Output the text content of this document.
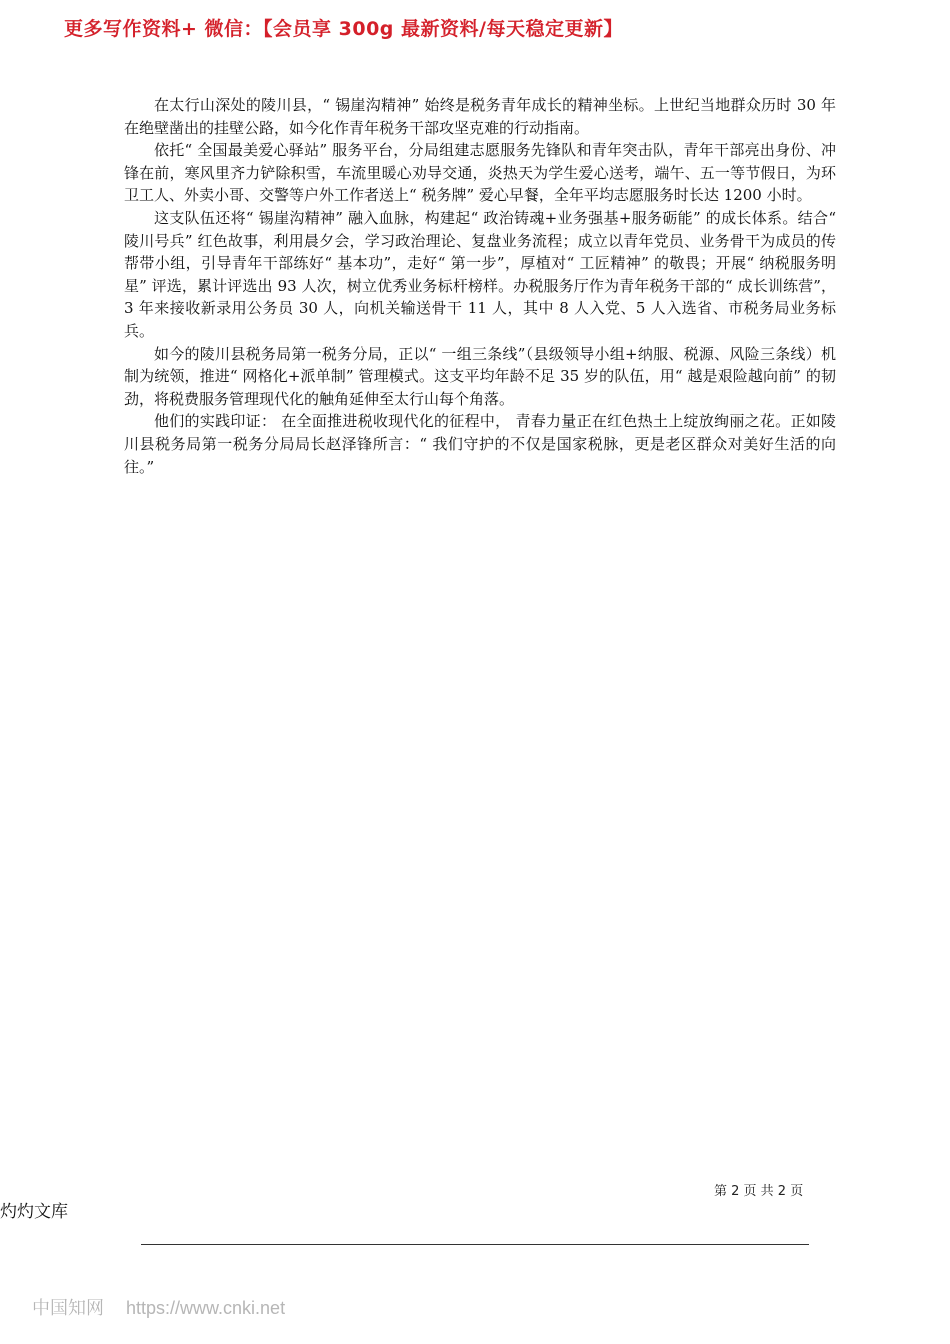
更多写作资料+ 微信：【会员享 300g 最新资料/每天稳定更新】

在太行山深处的陵川县，“ 锡崖沟精神” 始终是税务青年成长的精神坐标。上世纪当地群众历时 30 年在绝壁凿出的挂壁公路，如今化作青年税务干部攻坚克难的行动指南。

依托“ 全国最美爱心驿站” 服务平台，分局组建志愿服务先锋队和青年突击队，青年干部亮出身份、冲锋在前，寒风里齐力铲除积雪，车流里暖心劝导交通，炎热天为学生爱心送考，端午、五一等节假日，为环卫工人、外卖小哥、交警等户外工作者送上“ 税务牌” 爱心早餐，全年平均志愿服务时长达 1200 小时。

这支队伍还将“ 锡崖沟精神” 融入血脉，构建起“ 政治铸魂+业务强基+服务砺能” 的成长体系。结合“ 陵川号兵” 红色故事，利用晨夕会，学习政治理论、复盘业务流程；成立以青年党员、业务骨干为成员的传帮带小组，引导青年干部练好“ 基本功”，走好“ 第一步”，厚植对“ 工匠精神” 的敬畏；开展“ 纳税服务明星” 评选，累计评选出 93 人次，树立优秀业务标杆榜样。办税服务厅作为青年税务干部的“ 成长训练营”，3 年来接收新录用公务员 30 人，向机关输送骨干 11 人，其中 8 人入党、5 人入选省、市税务局业务标兵。

如今的陵川县税务局第一税务分局，正以“ 一组三条线”（县级领导小组+纳服、税源、风险三条线）机制为统领，推进“ 网格化+派单制” 管理模式。这支平均年龄不足 35 岁的队伍，用“ 越是艰险越向前” 的韧劲，将税费服务管理现代化的触角延伸至太行山每个角落。

他们的实践印证： 在全面推进税收现代化的征程中， 青春力量正在红色热土上绽放绚丽之花。正如陵川县税务局第一税务分局局长赵泽锋所言：“ 我们守护的不仅是国家税脉，更是老区群众对美好生活的向往。”

第 2 页 共 2 页
灼灼文库
中国知网 https://www.cnki.net
